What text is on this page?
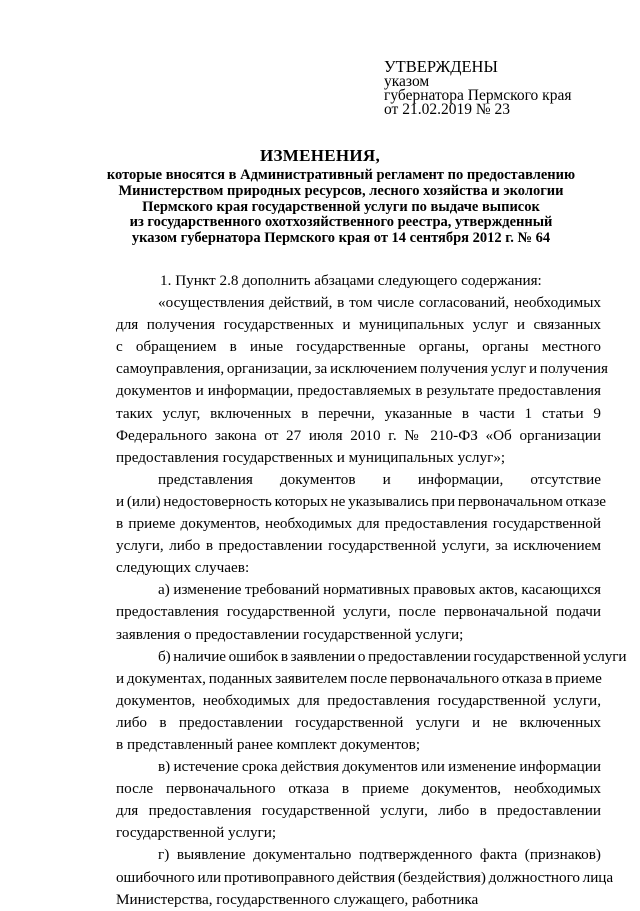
УТВЕРЖДЕНЫ
указом
губернатора Пермского края
от 21.02.2019 № 23
ИЗМЕНЕНИЯ,
которые вносятся в Административный регламент по предоставлению
Министерством природных ресурсов, лесного хозяйства и экологии
Пермского края государственной услуги по выдаче выписок
из государственного охотхозяйственного реестра, утвержденный
указом губернатора Пермского края от 14 сентября 2012 г. № 64
1. Пункт 2.8 дополнить абзацами следующего содержания:
«осуществления действий, в том числе согласований, необходимых
для получения государственных и муниципальных услуг и связанных
с обращением в иные государственные органы, органы местного
самоуправления, организации, за исключением получения услуг и получения
документов и информации, предоставляемых в результате предоставления
таких услуг, включенных в перечни, указанные в части 1 статьи 9
Федерального закона от 27 июля 2010 г. № 210-ФЗ «Об организации
предоставления государственных и муниципальных услуг»;
представления документов и информации, отсутствие
и (или) недостоверность которых не указывались при первоначальном отказе
в приеме документов, необходимых для предоставления государственной
услуги, либо в предоставлении государственной услуги, за исключением
следующих случаев:
а) изменение требований нормативных правовых актов, касающихся
предоставления государственной услуги, после первоначальной подачи
заявления о предоставлении государственной услуги;
б) наличие ошибок в заявлении о предоставлении государственной услуги
и документах, поданных заявителем после первоначального отказа в приеме
документов, необходимых для предоставления государственной услуги,
либо в предоставлении государственной услуги и не включенных
в представленный ранее комплект документов;
в) истечение срока действия документов или изменение информации
после первоначального отказа в приеме документов, необходимых
для предоставления государственной услуги, либо в предоставлении
государственной услуги;
г) выявление документально подтвержденного факта (признаков)
ошибочного или противоправного действия (бездействия) должностного лица
Министерства, государственного служащего, работника
